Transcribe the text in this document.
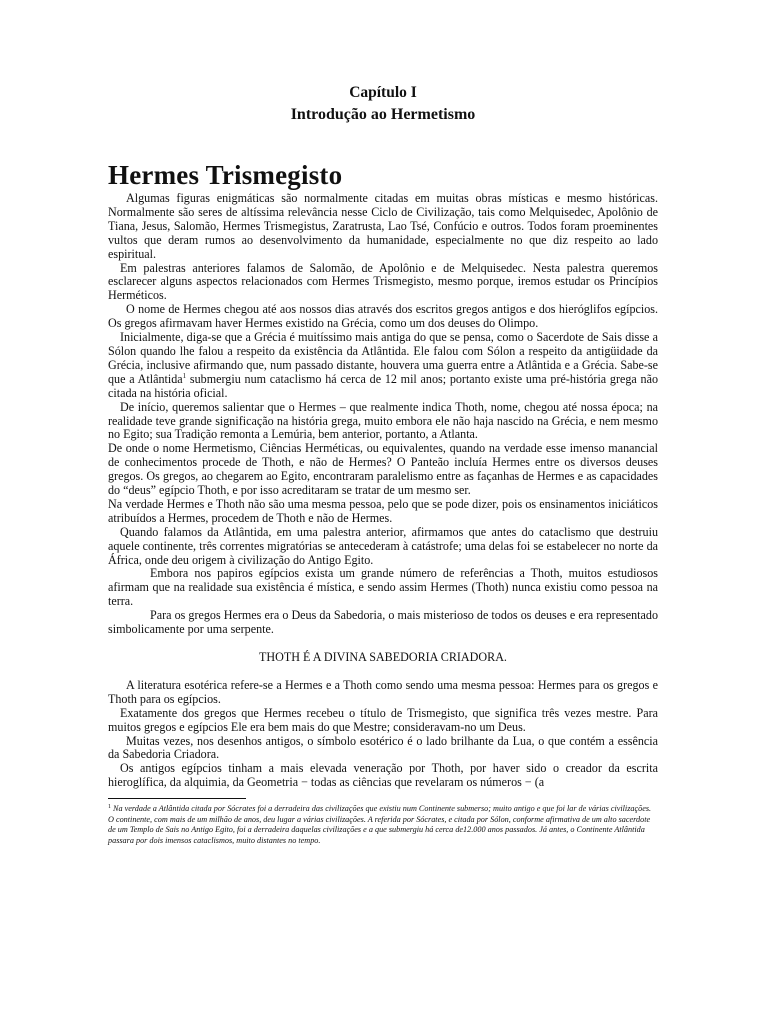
Capítulo I
Introdução ao Hermetismo
Hermes Trismegisto

Algumas figuras enigmáticas são normalmente citadas em muitas obras místicas e mesmo históricas. Normalmente são seres de altíssima relevância nesse Ciclo de Civilização, tais como Melquisedec, Apolônio de Tiana, Jesus, Salomão, Hermes Trismegistus, Zaratrusta, Lao Tsé, Confúcio e outros. Todos foram proeminentes vultos que deram rumos ao desenvolvimento da humanidade, especialmente no que diz respeito ao lado espiritual.

Em palestras anteriores falamos de Salomão, de Apolônio e de Melquisedec. Nesta palestra queremos esclarecer alguns aspectos relacionados com Hermes Trismegisto, mesmo porque, iremos estudar os Princípios Herméticos.

O nome de Hermes chegou até aos nossos dias através dos escritos gregos antigos e dos hieróglifos egípcios. Os gregos afirmavam haver Hermes existido na Grécia, como um dos deuses do Olimpo.

Inicialmente, diga-se que a Grécia é muitíssimo mais antiga do que se pensa, como o Sacerdote de Sais disse a Sólon quando lhe falou a respeito da existência da Atlântida. Ele falou com Sólon a respeito da antigüidade da Grécia, inclusive afirmando que, num passado distante, houvera uma guerra entre a Atlântida e a Grécia. Sabe-se que a Atlântida$^1$ submergiu num cataclismo há cerca de 12 mil anos; portanto existe uma pré-história grega não citada na história oficial.

De início, queremos salientar que o Hermes – que realmente indica Thoth, nome, chegou até nossa época; na realidade teve grande significação na história grega, muito embora ele não haja nascido na Grécia, e nem mesmo no Egito; sua Tradição remonta a Lemúria, bem anterior, portanto, a Atlanta.

De onde o nome Hermetismo, Ciências Herméticas, ou equivalentes, quando na verdade esse imenso manancial de conhecimentos procede de Thoth, e não de Hermes? O Panteão incluía Hermes entre os diversos deuses gregos. Os gregos, ao chegarem ao Egito, encontraram paralelismo entre as façanhas de Hermes e as capacidades do “deus” egípcio Thoth, e por isso acreditaram se tratar de um mesmo ser.

Na verdade Hermes e Thoth não são uma mesma pessoa, pelo que se pode dizer, pois os ensinamentos iniciáticos atribuídos a Hermes, procedem de Thoth e não de Hermes.

Quando falamos da Atlântida, em uma palestra anterior, afirmamos que antes do cataclismo que destruiu aquele continente, três correntes migratórias se antecederam à catástrofe; uma delas foi se estabelecer no norte da África, onde deu origem à civilização do Antigo Egito.

Embora nos papiros egípcios exista um grande número de referências a Thoth, muitos estudiosos afirmam que na realidade sua existência é mística, e sendo assim Hermes (Thoth) nunca existiu como pessoa na terra.

Para os gregos Hermes era o Deus da Sabedoria, o mais misterioso de todos os deuses e era representado simbolicamente por uma serpente.

THOTH É A DIVINA SABEDORIA CRIADORA.

A literatura esotérica refere-se a Hermes e a Thoth como sendo uma mesma pessoa: Hermes para os gregos e Thoth para os egípcios.

Exatamente dos gregos que Hermes recebeu o título de Trismegisto, que significa três vezes mestre. Para muitos gregos e egípcios Ele era bem mais do que Mestre; consideravam-no um Deus.

Muitas vezes, nos desenhos antigos, o símbolo esotérico é o lado brilhante da Lua, o que contém a essência da Sabedoria Criadora.

Os antigos egípcios tinham a mais elevada veneração por Thoth, por haver sido o creador da escrita hieroglífica, da alquimia, da Geometria − todas as ciências que revelaram os números − (a

$^1$ Na verdade a Atlântida citada por Sócrates foi a derradeira das civilizações que existiu num Continente submerso; muito antigo e que foi lar de várias civilizações. O continente, com mais de um milhão de anos, deu lugar a várias civilizações. A referida por Sócrates, e citada por Sólon, conforme afirmativa de um alto sacerdote de um Templo de Sais no Antigo Egito, foi a derradeira daquelas civilizações e a que submergiu há cerca de12.000 anos passados. Já antes, o Continente Atlântida passara por dois imensos cataclismos, muito distantes no tempo.
